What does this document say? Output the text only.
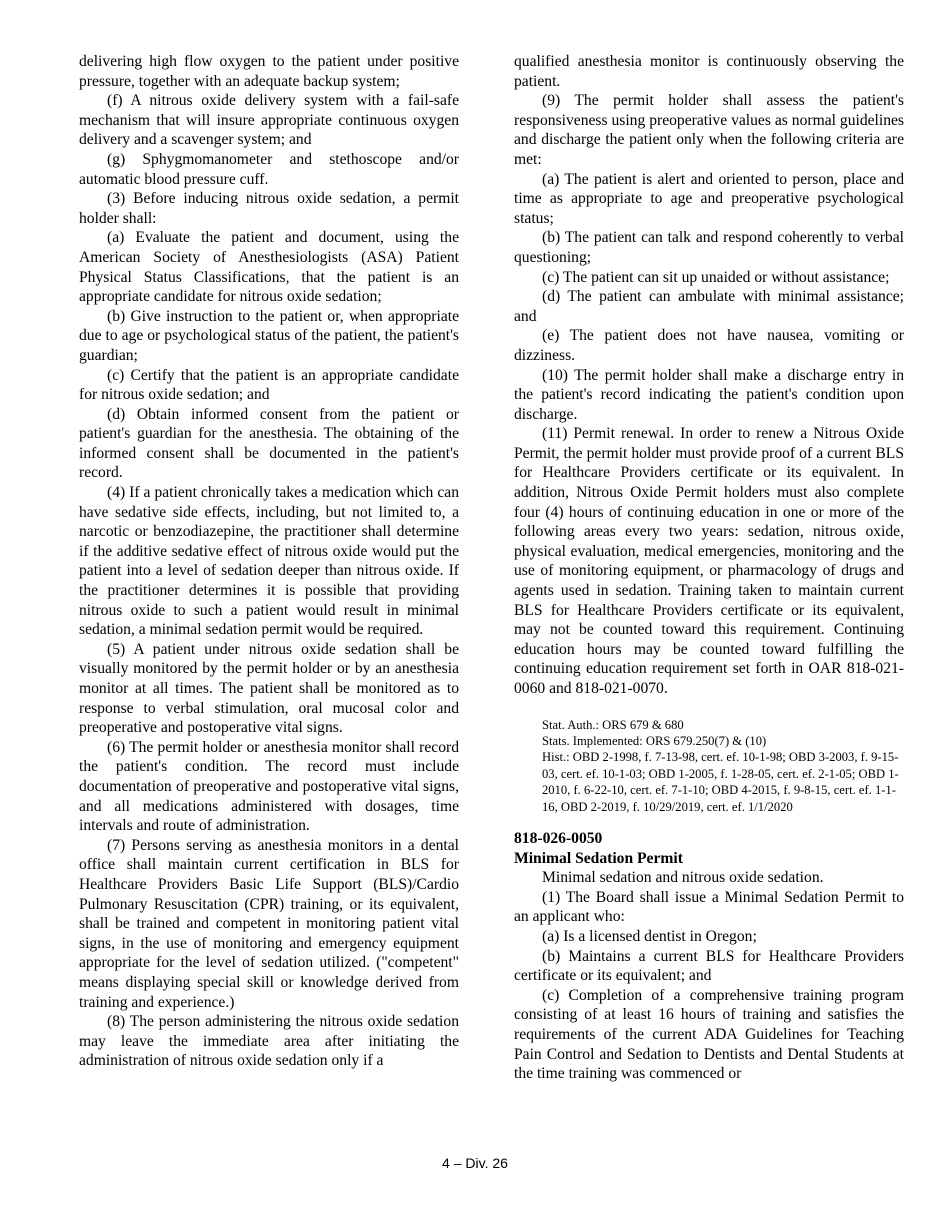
delivering high flow oxygen to the patient under positive pressure, together with an adequate backup system;

(f) A nitrous oxide delivery system with a fail-safe mechanism that will insure appropriate continuous oxygen delivery and a scavenger system; and

(g) Sphygmomanometer and stethoscope and/or automatic blood pressure cuff.

(3) Before inducing nitrous oxide sedation, a permit holder shall:

(a) Evaluate the patient and document, using the American Society of Anesthesiologists (ASA) Patient Physical Status Classifications, that the patient is an appropriate candidate for nitrous oxide sedation;

(b) Give instruction to the patient or, when appropriate due to age or psychological status of the patient, the patient's guardian;

(c) Certify that the patient is an appropriate candidate for nitrous oxide sedation; and

(d) Obtain informed consent from the patient or patient's guardian for the anesthesia. The obtaining of the informed consent shall be documented in the patient's record.

(4) If a patient chronically takes a medication which can have sedative side effects, including, but not limited to, a narcotic or benzodiazepine, the practitioner shall determine if the additive sedative effect of nitrous oxide would put the patient into a level of sedation deeper than nitrous oxide. If the practitioner determines it is possible that providing nitrous oxide to such a patient would result in minimal sedation, a minimal sedation permit would be required.

(5) A patient under nitrous oxide sedation shall be visually monitored by the permit holder or by an anesthesia monitor at all times. The patient shall be monitored as to response to verbal stimulation, oral mucosal color and preoperative and postoperative vital signs.

(6) The permit holder or anesthesia monitor shall record the patient's condition. The record must include documentation of preoperative and postoperative vital signs, and all medications administered with dosages, time intervals and route of administration.

(7) Persons serving as anesthesia monitors in a dental office shall maintain current certification in BLS for Healthcare Providers Basic Life Support (BLS)/Cardio Pulmonary Resuscitation (CPR) training, or its equivalent, shall be trained and competent in monitoring patient vital signs, in the use of monitoring and emergency equipment appropriate for the level of sedation utilized. ("competent" means displaying special skill or knowledge derived from training and experience.)

(8) The person administering the nitrous oxide sedation may leave the immediate area after initiating the administration of nitrous oxide sedation only if a

qualified anesthesia monitor is continuously observing the patient.

(9) The permit holder shall assess the patient's responsiveness using preoperative values as normal guidelines and discharge the patient only when the following criteria are met:

(a) The patient is alert and oriented to person, place and time as appropriate to age and preoperative psychological status;

(b) The patient can talk and respond coherently to verbal questioning;

(c) The patient can sit up unaided or without assistance;

(d) The patient can ambulate with minimal assistance; and

(e) The patient does not have nausea, vomiting or dizziness.

(10) The permit holder shall make a discharge entry in the patient's record indicating the patient's condition upon discharge.

(11) Permit renewal. In order to renew a Nitrous Oxide Permit, the permit holder must provide proof of a current BLS for Healthcare Providers certificate or its equivalent. In addition, Nitrous Oxide Permit holders must also complete four (4) hours of continuing education in one or more of the following areas every two years: sedation, nitrous oxide, physical evaluation, medical emergencies, monitoring and the use of monitoring equipment, or pharmacology of drugs and agents used in sedation. Training taken to maintain current BLS for Healthcare Providers certificate or its equivalent, may not be counted toward this requirement. Continuing education hours may be counted toward fulfilling the continuing education requirement set forth in OAR 818-021-0060 and 818-021-0070.

Stat. Auth.: ORS 679 & 680

Stats. Implemented: ORS 679.250(7) & (10)

Hist.: OBD 2-1998, f. 7-13-98, cert. ef. 10-1-98; OBD 3-2003, f. 9-15-03, cert. ef. 10-1-03; OBD 1-2005, f. 1-28-05, cert. ef. 2-1-05; OBD 1-2010, f. 6-22-10, cert. ef. 7-1-10; OBD 4-2015, f. 9-8-15, cert. ef. 1-1-16, OBD 2-2019, f. 10/29/2019, cert. ef. 1/1/2020

818-026-0050
Minimal Sedation Permit

Minimal sedation and nitrous oxide sedation.

(1) The Board shall issue a Minimal Sedation Permit to an applicant who:

(a) Is a licensed dentist in Oregon;

(b) Maintains a current BLS for Healthcare Providers certificate or its equivalent; and

(c) Completion of a comprehensive training program consisting of at least 16 hours of training and satisfies the requirements of the current ADA Guidelines for Teaching Pain Control and Sedation to Dentists and Dental Students at the time training was commenced or

4 – Div. 26
